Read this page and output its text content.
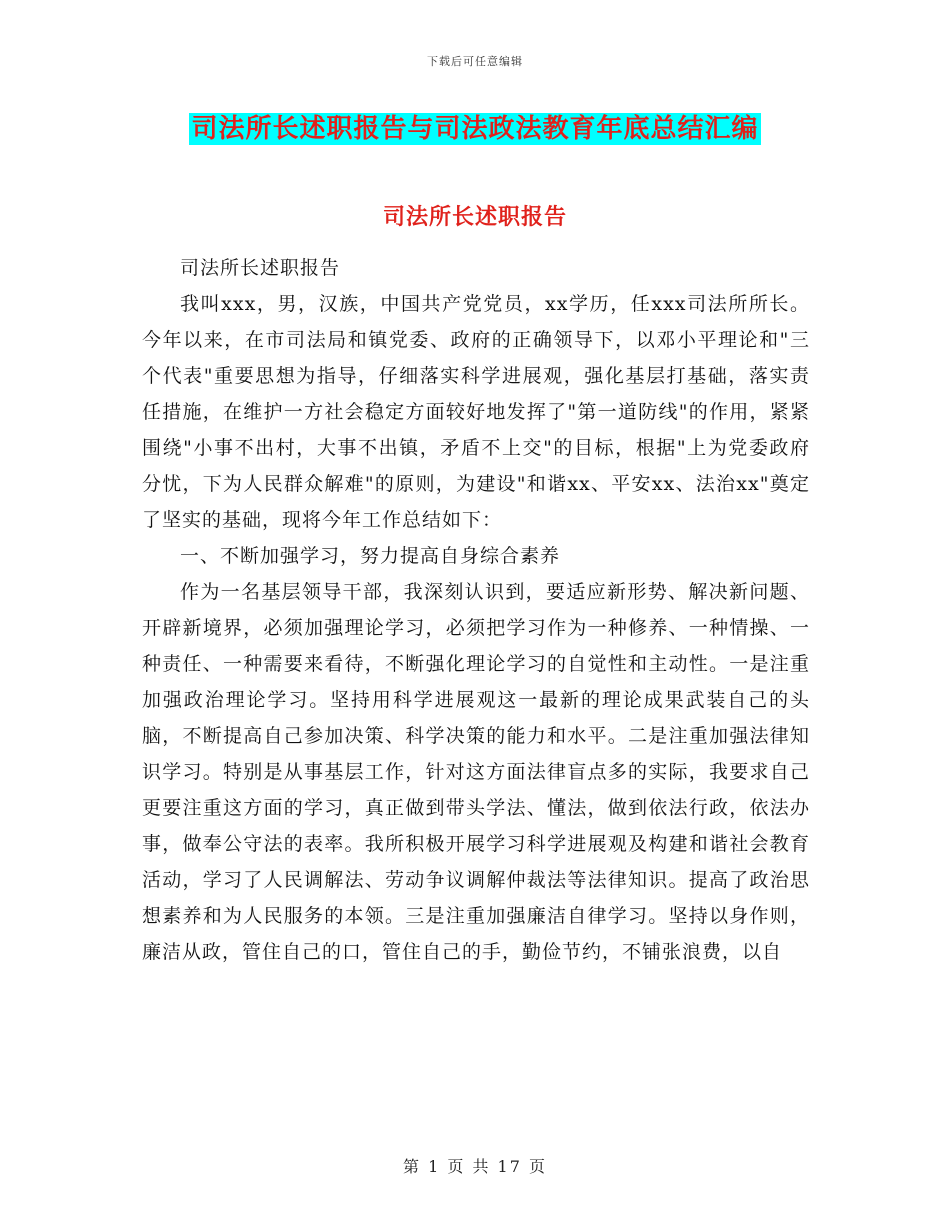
下载后可任意编辑
司法所长述职报告与司法政法教育年底总结汇编
司法所长述职报告

司法所长述职报告

我叫xxx，男，汉族，中国共产党党员，xx学历，任xxx司法所所长。今年以来，在市司法局和镇党委、政府的正确领导下，以邓小平理论和"三个代表"重要思想为指导，仔细落实科学进展观，强化基层打基础，落实责任措施，在维护一方社会稳定方面较好地发挥了"第一道防线"的作用，紧紧围绕"小事不出村，大事不出镇，矛盾不上交"的目标，根据"上为党委政府分忧，下为人民群众解难"的原则，为建设"和谐xx、平安xx、法治xx"奠定了坚实的基础，现将今年工作总结如下：

一、不断加强学习，努力提高自身综合素养

作为一名基层领导干部，我深刻认识到，要适应新形势、解决新问题、开辟新境界，必须加强理论学习，必须把学习作为一种修养、一种情操、一种责任、一种需要来看待，不断强化理论学习的自觉性和主动性。一是注重加强政治理论学习。坚持用科学进展观这一最新的理论成果武装自己的头脑，不断提高自己参加决策、科学决策的能力和水平。二是注重加强法律知识学习。特别是从事基层工作，针对这方面法律盲点多的实际，我要求自己更要注重这方面的学习，真正做到带头学法、懂法，做到依法行政，依法办事，做奉公守法的表率。我所积极开展学习科学进展观及构建和谐社会教育活动，学习了人民调解法、劳动争议调解仲裁法等法律知识。提高了政治思想素养和为人民服务的本领。三是注重加强廉洁自律学习。坚持以身作则，廉洁从政，管住自己的口，管住自己的手，勤俭节约，不铺张浪费，以自

第 1 页 共 17 页
